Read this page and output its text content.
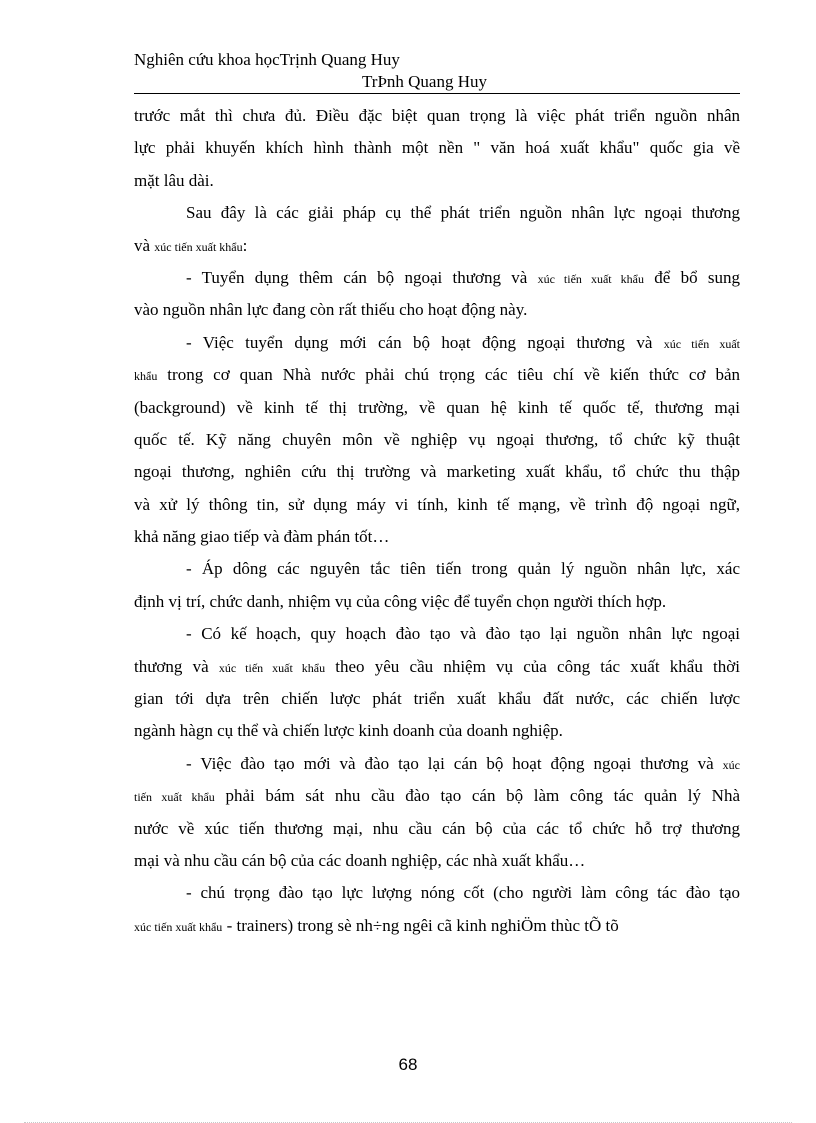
Nghiên cứu khoa họcTrịnh Quang Huy
TrÞnh Quang Huy
trước mắt thì chưa đủ. Điều đặc biệt quan trọng là việc phát triển nguồn nhân
lực phải khuyến khích hình thành một nền " văn hoá xuất khẩu" quốc gia về
mặt lâu dài.
Sau đây là các giải pháp cụ thể phát triển nguồn nhân lực ngoại thương
và xúc tiến xuất khẩu:
- Tuyển dụng thêm cán bộ ngoại thương và xúc tiến xuất khẩu để bổ sung
vào nguồn nhân lực đang còn rất thiếu cho hoạt động này.
- Việc tuyển dụng mới cán bộ hoạt động ngoại thương và xúc tiến xuất
khẩu trong cơ quan Nhà nước phải chú trọng các tiêu chí về kiến thức cơ bản
(background) về kinh tế thị trường, về quan hệ kinh tế quốc tế, thương mại
quốc tế. Kỹ năng chuyên môn về nghiệp vụ ngoại thương, tổ chức kỹ thuật
ngoại thương, nghiên cứu thị trường và marketing xuất khẩu, tổ chức thu thập
và xử lý thông tin, sử dụng máy vi tính, kinh tế mạng, về trình độ ngoại ngữ,
khả năng giao tiếp và đàm phán tốt…
- Áp dông các nguyên tắc tiên tiến trong quản lý nguồn nhân lực, xác
định vị trí, chức danh, nhiệm vụ của công việc để tuyển chọn người thích hợp.
- Có kế hoạch, quy hoạch đào tạo và đào tạo lại nguồn nhân lực ngoại
thương và xúc tiến xuất khẩu theo yêu cầu nhiệm vụ của công tác xuất khẩu thời
gian tới dựa trên chiến lược phát triển xuất khẩu đất nước, các chiến lược
ngành hàgn cụ thể và chiến lược kinh doanh của doanh nghiệp.
- Việc đào tạo mới và đào tạo lại cán bộ hoạt động ngoại thương và xúc
tiến xuất khẩu phải bám sát nhu cầu đào tạo cán bộ làm công tác quản lý Nhà
nước về xúc tiến thương mại, nhu cầu cán bộ của các tổ chức hỗ trợ thương
mại và nhu cầu cán bộ của các doanh nghiệp, các nhà xuất khẩu…
- chú trọng đào tạo lực lượng nóng cốt (cho người làm công tác đào tạo
xúc tiến xuất khẩu - trainers) trong sè nh÷ng ngêi cã kinh nghiÖm thùc tÕ tõ
68
